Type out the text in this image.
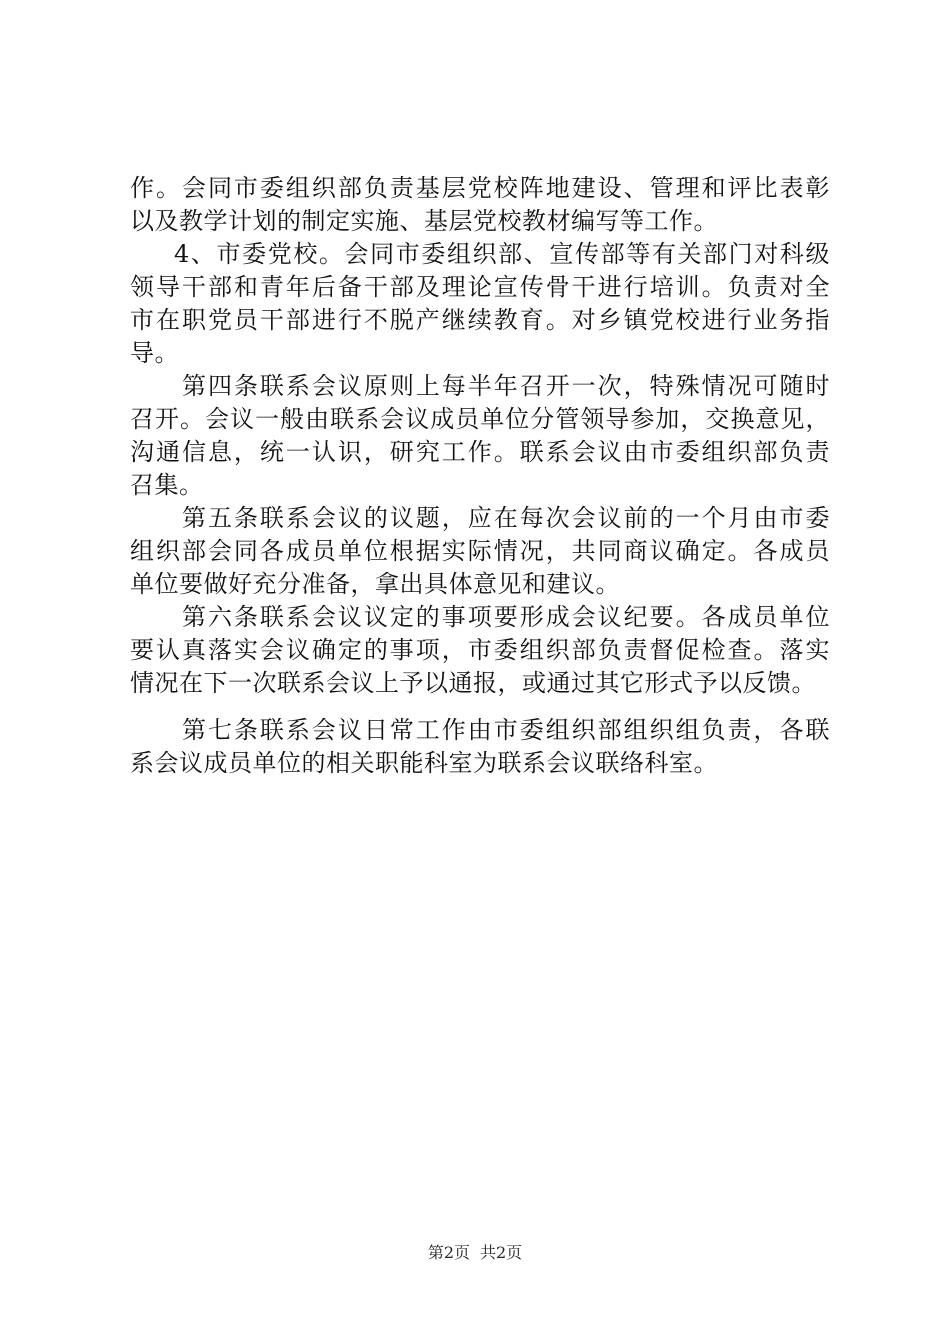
作。会同市委组织部负责基层党校阵地建设、管理和评比表彰
以及教学计划的制定实施、基层党校教材编写等工作。
4、市委党校。会同市委组织部、宣传部等有关部门对科级
领导干部和青年后备干部及理论宣传骨干进行培训。负责对全
市在职党员干部进行不脱产继续教育。对乡镇党校进行业务指
导。
第四条联系会议原则上每半年召开一次，特殊情况可随时
召开。会议一般由联系会议成员单位分管领导参加，交换意见，
沟通信息，统一认识，研究工作。联系会议由市委组织部负责
召集。
第五条联系会议的议题，应在每次会议前的一个月由市委
组织部会同各成员单位根据实际情况，共同商议确定。各成员
单位要做好充分准备，拿出具体意见和建议。
第六条联系会议议定的事项要形成会议纪要。各成员单位
要认真落实会议确定的事项，市委组织部负责督促检查。落实
情况在下一次联系会议上予以通报，或通过其它形式予以反馈。
第七条联系会议日常工作由市委组织部组织组负责，各联
系会议成员单位的相关职能科室为联系会议联络科室。
第2页 共2页
